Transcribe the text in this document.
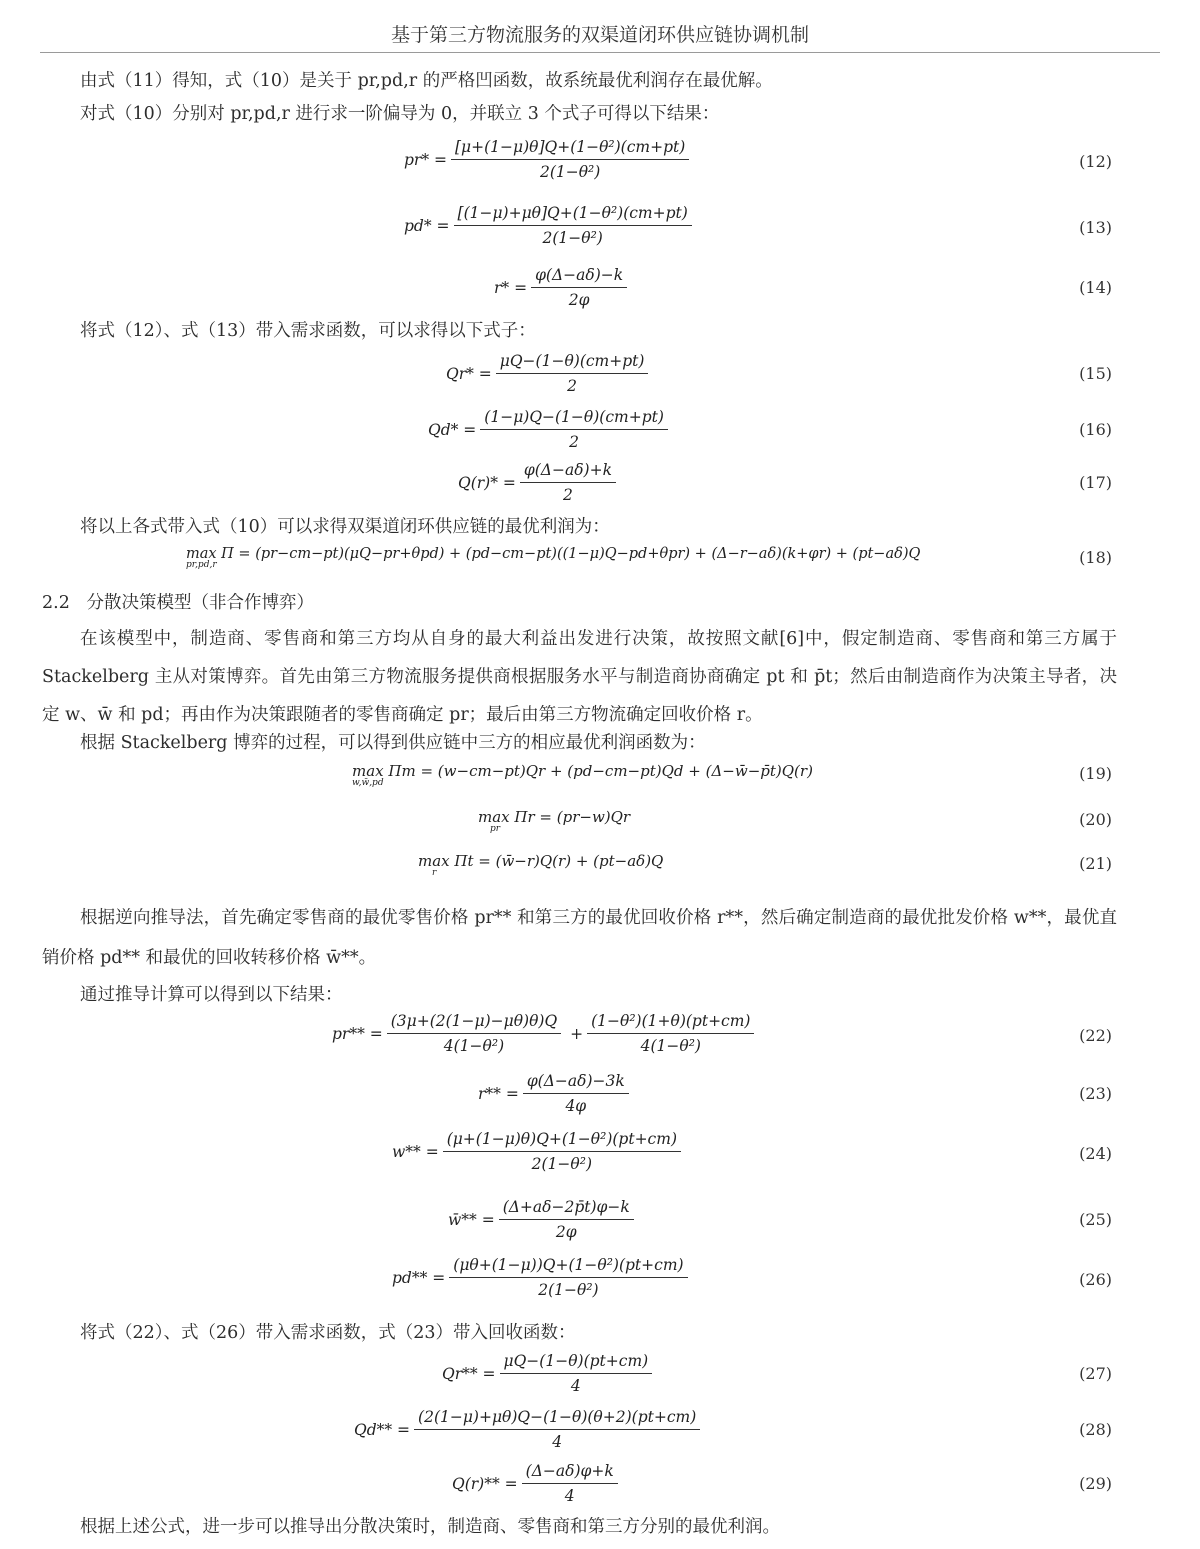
基于第三方物流服务的双渠道闭环供应链协调机制
由式（11）得知，式（10）是关于 pr,pd,r 的严格凹函数，故系统最优利润存在最优解。
对式（10）分别对 pr,pd,r 进行求一阶偏导为 0，并联立 3 个式子可得以下结果：
$pr* = \frac{\text{[μ+(1−μ)θ]Q+(1−θ²)(cm+pt)}}{\text{2(1−θ²)}}$	(12)
$pd* = \frac{\text{[(1−μ)+μθ]Q+(1−θ²)(cm+pt)}}{\text{2(1−θ²)}}$	(13)
$r* = \frac{\varphi(\Delta-a\delta)-k}{2\varphi}$	(14)
将式（12）、式（13）带入需求函数，可以求得以下式子：
$Qr* = \frac{\mu Q-(1-\theta)(cm+pt)}{2}$	(15)
$Qd* = \frac{(1-\mu)Q-(1-\theta)(cm+pt)}{2}$	(16)
$Q(r)* = \frac{\varphi(\Delta-a\delta)+k}{2}$	(17)
将以上各式带入式（10）可以求得双渠道闭环供应链的最优利润为：
max Π = (pr−cm−pt)(μQ−pr+θpd) + (pd−cm−pt)((1−μ)Q−pd+θpr) + (Δ−r−aδ)(k+φr) + (pt−aδ)Q
pr,pd,r	(18)
2.2 分散决策模型（非合作博弈）
在该模型中，制造商、零售商和第三方均从自身的最大利益出发进行决策，故按照文献[6]中，假定制造商、零售商和第三方属于 Stackelberg 主从对策博弈。首先由第三方物流服务提供商根据服务水平与制造商协商确定 pt 和 p̄t；然后由制造商作为决策主导者，决定 w、w̄ 和 pd；再由作为决策跟随者的零售商确定 pr；最后由第三方物流确定回收价格 r。
根据 Stackelberg 博弈的过程，可以得到供应链中三方的相应最优利润函数为：
max Πm = (w−cm−pt)Qr + (pd−cm−pt)Qd + (Δ−w̄−p̄t)Q(r)
w,w̄,pd	(19)
max Πr = (pr−w)Qr
pr	(20)
max Πt = (w̄−r)Q(r) + (pt−aδ)Q
r	(21)
根据逆向推导法，首先确定零售商的最优零售价格 pr** 和第三方的最优回收价格 r**，然后确定制造商的最优批发价格 w**，最优直销价格 pd** 和最优的回收转移价格 w̄**。
通过推导计算可以得到以下结果：
$pr** = \frac{(3\mu+(2(1-\mu)-\mu\theta)\theta)Q}{\text{4(1−θ²)}} + \frac{\text{(1−θ²)(1+θ)(pt+cm)}}{\text{4(1−θ²)}}$	(22)
$r** = \frac{\varphi(\Delta-a\delta)-3k}{4\varphi}$	(23)
$w** = \frac{\text{(μ+(1−μ)θ)Q+(1−θ²)(pt+cm)}}{\text{2(1−θ²)}}$	(24)
w̄** = $\frac{(\Delta+a\delta-2p̄t)\varphi-k}{2\varphi}$	(25)
$pd** = \frac{\text{(μθ+(1−μ))Q+(1−θ²)(pt+cm)}}{\text{2(1−θ²)}}$	(26)
将式（22）、式（26）带入需求函数，式（23）带入回收函数：
$Qr** = \frac{\mu Q-(1-\theta)(pt+cm)}{4}$	(27)
$Qd** = \frac{(2(1-\mu)+\mu\theta)Q-(1-\theta)(\theta+2)(pt+cm)}{4}$	(28)
$Q(r)** = \frac{(\Delta-a\delta)\varphi+k}{4}$	(29)
根据上述公式，进一步可以推导出分散决策时，制造商、零售商和第三方分别的最优利润。
